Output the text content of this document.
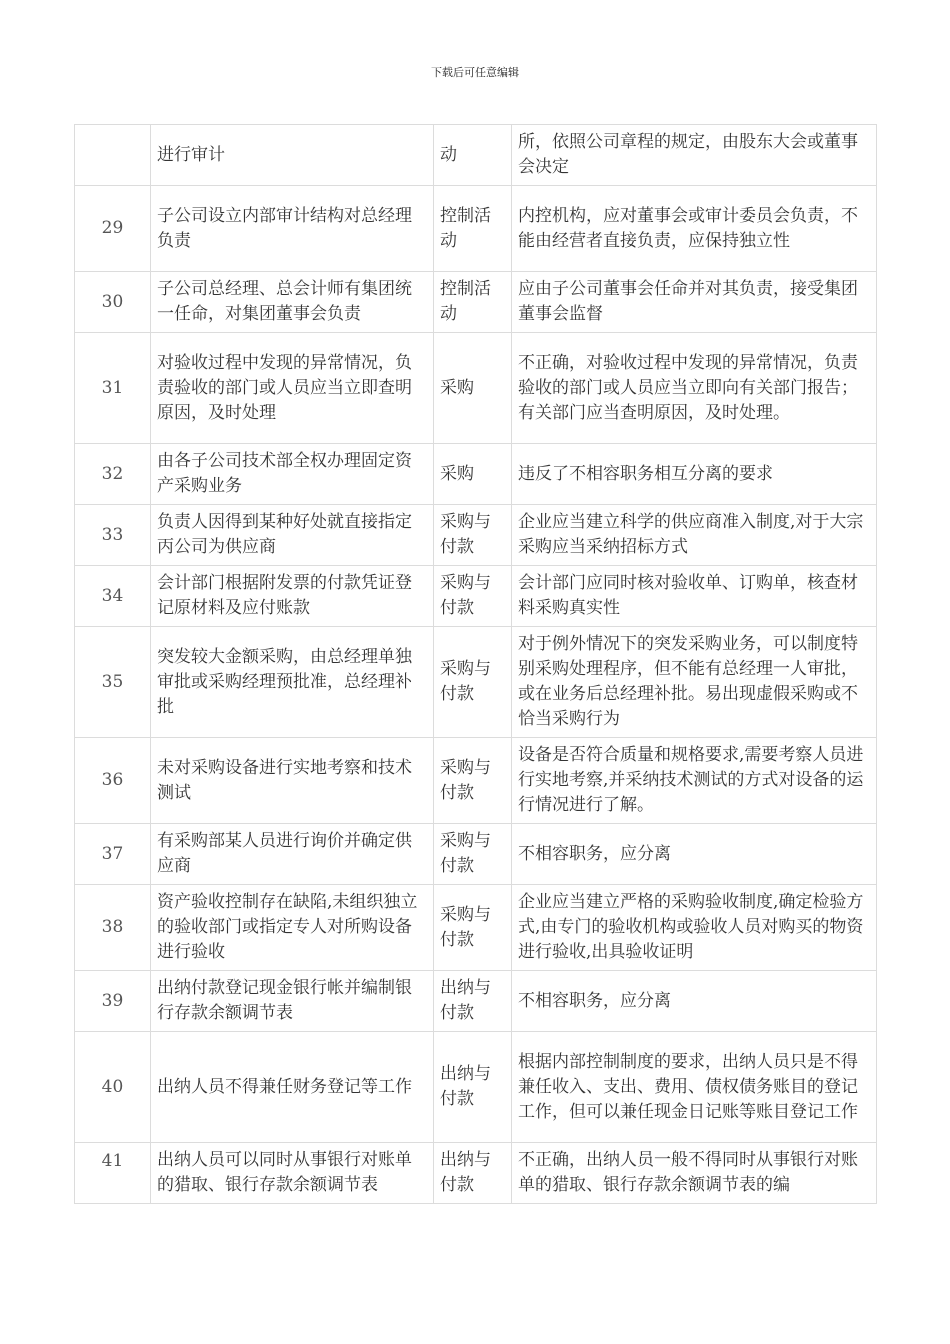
下载后可任意编辑
	进行审计	动	所，依照公司章程的规定，由股东大会或董事会决定
29	子公司设立内部审计结构对总经理负责	控制活动	内控机构，应对董事会或审计委员会负责，不能由经营者直接负责，应保持独立性
30	子公司总经理、总会计师有集团统一任命，对集团董事会负责	控制活动	应由子公司董事会任命并对其负责，接受集团董事会监督
31	对验收过程中发现的异常情况，负责验收的部门或人员应当立即查明原因，及时处理	采购	不正确，对验收过程中发现的异常情况，负责验收的部门或人员应当立即向有关部门报告；有关部门应当查明原因，及时处理。
32	由各子公司技术部全权办理固定资产采购业务	采购	违反了不相容职务相互分离的要求
33	负责人因得到某种好处就直接指定丙公司为供应商	采购与付款	企业应当建立科学的供应商准入制度,对于大宗采购应当采纳招标方式
34	会计部门根据附发票的付款凭证登记原材料及应付账款	采购与付款	会计部门应同时核对验收单、订购单，核查材料采购真实性
35	突发较大金额采购，由总经理单独审批或采购经理预批准，总经理补批	采购与付款	对于例外情况下的突发采购业务，可以制度特别采购处理程序，但不能有总经理一人审批，或在业务后总经理补批。易出现虚假采购或不恰当采购行为
36	未对采购设备进行实地考察和技术测试	采购与付款	设备是否符合质量和规格要求,需要考察人员进行实地考察,并采纳技术测试的方式对设备的运行情况进行了解。
37	有采购部某人员进行询价并确定供应商	采购与付款	不相容职务，应分离
38	资产验收控制存在缺陷,未组织独立的验收部门或指定专人对所购设备进行验收	采购与付款	企业应当建立严格的采购验收制度,确定检验方式,由专门的验收机构或验收人员对购买的物资进行验收,出具验收证明
39	出纳付款登记现金银行帐并编制银行存款余额调节表	出纳与付款	不相容职务，应分离
40	出纳人员不得兼任财务登记等工作	出纳与付款	根据内部控制制度的要求，出纳人员只是不得兼任收入、支出、费用、债权债务账目的登记工作，但可以兼任现金日记账等账目登记工作
41	出纳人员可以同时从事银行对账单的猎取、银行存款余额调节表	出纳与付款	不正确，出纳人员一般不得同时从事银行对账单的猎取、银行存款余额调节表的编
